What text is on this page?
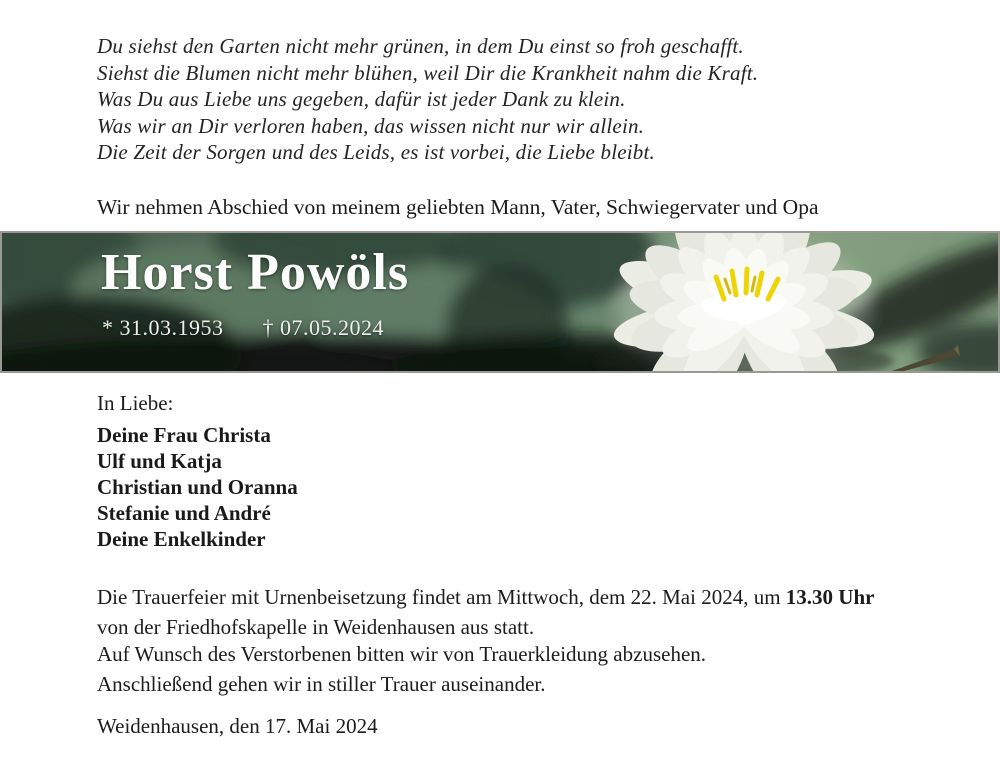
Du siehst den Garten nicht mehr grünen, in dem Du einst so froh geschafft.
Siehst die Blumen nicht mehr blühen, weil Dir die Krankheit nahm die Kraft.
Was Du aus Liebe uns gegeben, dafür ist jeder Dank zu klein.
Was wir an Dir verloren haben, das wissen nicht nur wir allein.
Die Zeit der Sorgen und des Leids, es ist vorbei, die Liebe bleibt.
Wir nehmen Abschied von meinem geliebten Mann, Vater, Schwiegervater und Opa
Horst Powöls
* 31.03.1953 † 07.05.2024
In Liebe:
Deine Frau Christa
Ulf und Katja
Christian und Oranna
Stefanie und André
Deine Enkelkinder
Die Trauerfeier mit Urnenbeisetzung findet am Mittwoch, dem 22. Mai 2024, um 13.30 Uhr
von der Friedhofskapelle in Weidenhausen aus statt.
Auf Wunsch des Verstorbenen bitten wir von Trauerkleidung abzusehen.
Anschließend gehen wir in stiller Trauer auseinander.
Weidenhausen, den 17. Mai 2024
